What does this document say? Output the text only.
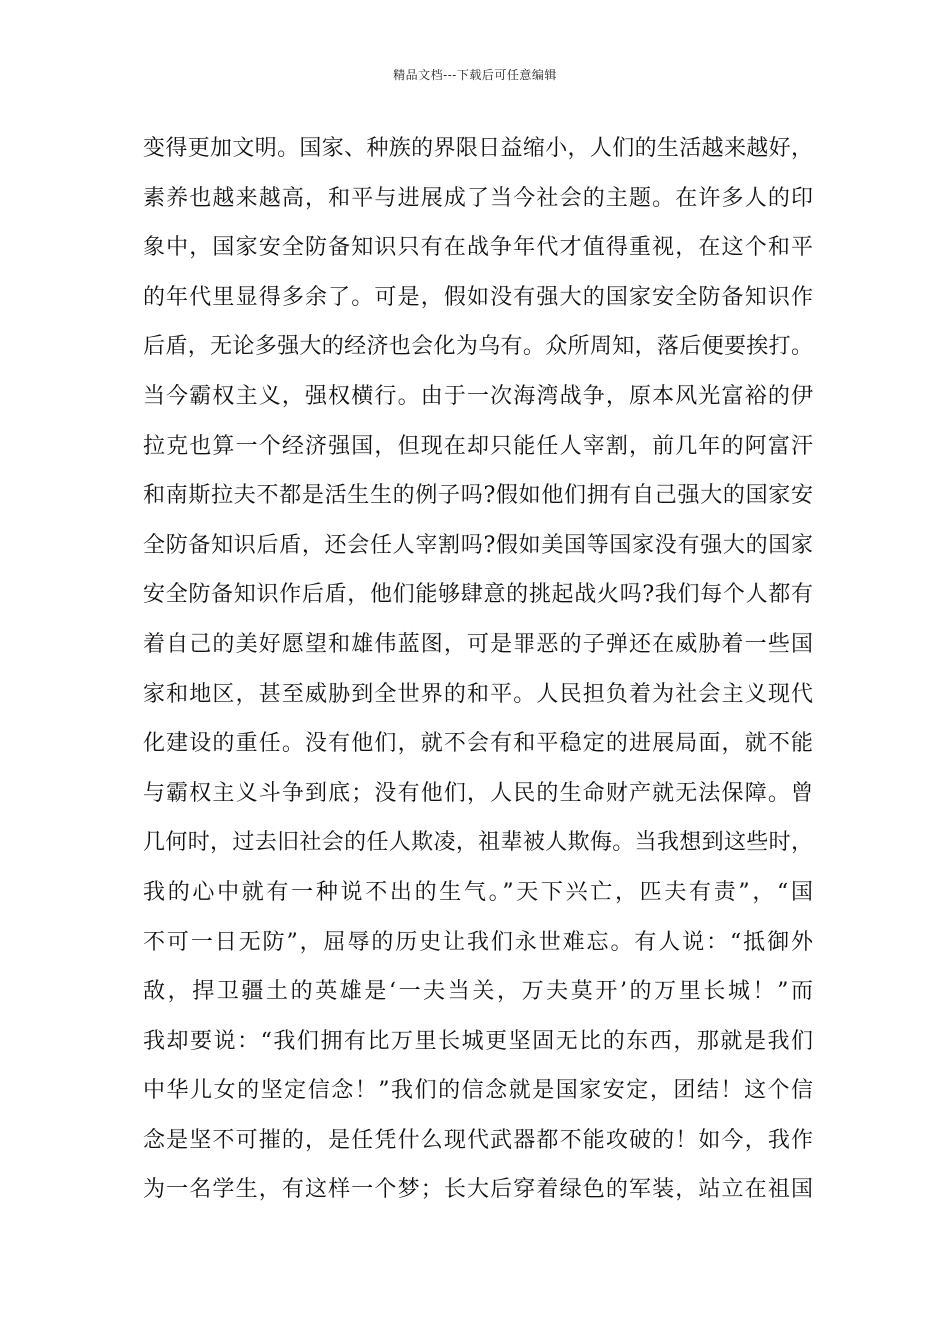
精品文档---下载后可任意编辑
变得更加文明。国家、种族的界限日益缩小，人们的生活越来越好，
素养也越来越高，和平与进展成了当今社会的主题。在许多人的印
象中，国家安全防备知识只有在战争年代才值得重视，在这个和平
的年代里显得多余了。可是，假如没有强大的国家安全防备知识作
后盾，无论多强大的经济也会化为乌有。众所周知，落后便要挨打。
当今霸权主义，强权横行。由于一次海湾战争，原本风光富裕的伊
拉克也算一个经济强国，但现在却只能任人宰割，前几年的阿富汗
和南斯拉夫不都是活生生的例子吗?假如他们拥有自己强大的国家安
全防备知识后盾，还会任人宰割吗?假如美国等国家没有强大的国家
安全防备知识作后盾，他们能够肆意的挑起战火吗?我们每个人都有
着自己的美好愿望和雄伟蓝图，可是罪恶的子弹还在威胁着一些国
家和地区，甚至威胁到全世界的和平。人民担负着为社会主义现代
化建设的重任。没有他们，就不会有和平稳定的进展局面，就不能
与霸权主义斗争到底；没有他们，人民的生命财产就无法保障。曾
几何时，过去旧社会的任人欺凌，祖辈被人欺侮。当我想到这些时，
我的心中就有一种说不出的生气。”天下兴亡，匹夫有责”，“国
不可一日无防”，屈辱的历史让我们永世难忘。有人说：“抵御外
敌，捍卫疆土的英雄是‘一夫当关，万夫莫开’的万里长城！”而
我却要说：“我们拥有比万里长城更坚固无比的东西，那就是我们
中华儿女的坚定信念！”我们的信念就是国家安定，团结！这个信
念是坚不可摧的，是任凭什么现代武器都不能攻破的！如今，我作
为一名学生，有这样一个梦；长大后穿着绿色的军装，站立在祖国
